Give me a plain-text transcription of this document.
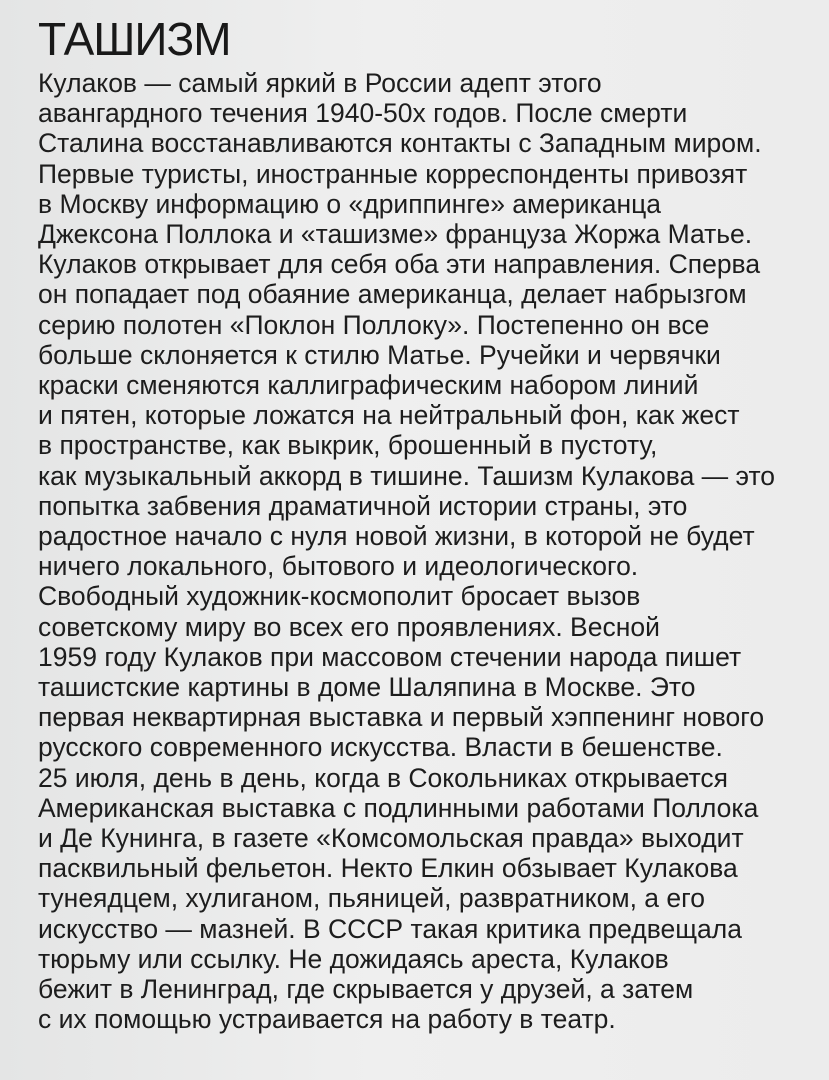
ТАШИЗМ
Кулаков — самый яркий в России адепт этого
авангардного течения 1940-50х годов. После смерти
Сталина восстанавливаются контакты с Западным миром.
Первые туристы, иностранные корреспонденты привозят
в Москву информацию о «дриппинге» американца
Джексона Поллока и «ташизме» француза Жоржа Матье.
Кулаков открывает для себя оба эти направления. Сперва
он попадает под обаяние американца, делает набрызгом
серию полотен «Поклон Поллоку». Постепенно он все
больше склоняется к стилю Матье. Ручейки и червячки
краски сменяются каллиграфическим набором линий
и пятен, которые ложатся на нейтральный фон, как жест
в пространстве, как выкрик, брошенный в пустоту,
как музыкальный аккорд в тишине. Ташизм Кулакова — это
попытка забвения драматичной истории страны, это
радостное начало с нуля новой жизни, в которой не будет
ничего локального, бытового и идеологического.
Свободный художник-космополит бросает вызов
советскому миру во всех его проявлениях. Весной
1959 году Кулаков при массовом стечении народа пишет
ташистские картины в доме Шаляпина в Москве. Это
первая неквартирная выставка и первый хэппенинг нового
русского современного искусства. Власти в бешенстве.
25 июля, день в день, когда в Сокольниках открывается
Американская выставка с подлинными работами Поллока
и Де Кунинга, в газете «Комсомольская правда» выходит
пасквильный фельетон. Некто Елкин обзывает Кулакова
тунеядцем, хулиганом, пьяницей, развратником, а его
искусство — мазней. В СССР такая критика предвещала
тюрьму или ссылку. Не дожидаясь ареста, Кулаков
бежит в Ленинград, где скрывается у друзей, а затем
с их помощью устраивается на работу в театр.
